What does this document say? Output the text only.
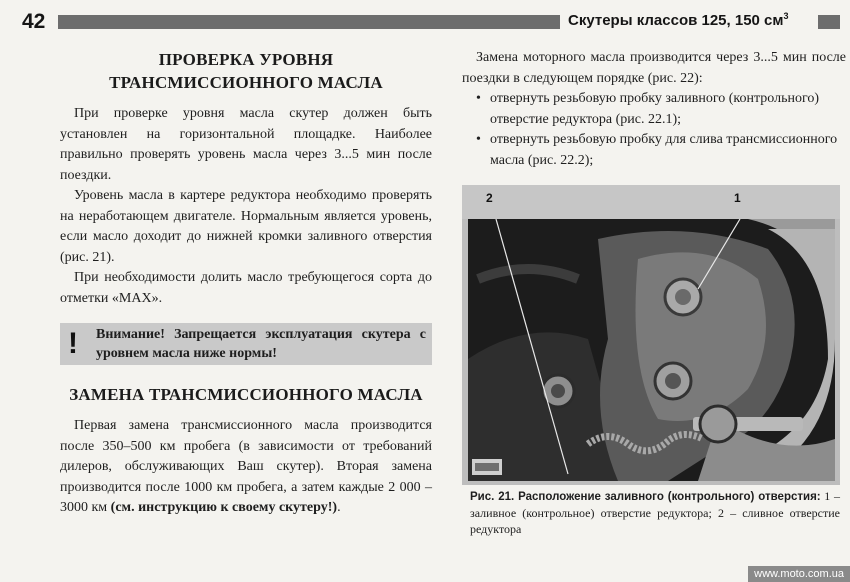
42	Скутеры классов 125, 150 $см^3$
ПРОВЕРКА УРОВНЯ ТРАНСМИССИОННОГО МАСЛА

При проверке уровня масла скутер должен быть установлен на горизонтальной площадке. Наиболее правильно проверять уровень масла через 3...5 мин после поездки.

Уровень масла в картере редуктора необходимо проверять на неработающем двигателе. Нормальным является уровень, если масло доходит до нижней кромки заливного отверстия (рис. 21).

При необходимости долить масло требующегося сорта до отметки «МАХ».

! Внимание! Запрещается эксплуатация скутера с уровнем масла ниже нормы!
ЗАМЕНА ТРАНСМИССИОННОГО МАСЛА

Первая замена трансмиссионного масла производится после 350–500 км пробега (в зависимости от требований дилеров, обслуживающих Ваш скутер). Вторая замена производится после 1000 км пробега, а затем каждые 2 000 – 3000 км (см. инструкцию к своему скутеру!).

Замена моторного масла производится через 3...5 мин после поездки в следующем порядке (рис. 22):

• отвернуть резьбовую пробку заливного (контрольного) отверстие редуктора (рис. 22.1);
• отвернуть резьбовую пробку для слива трансмиссионного масла (рис. 22.2);
2	1
Рис. 21. Расположение заливного (контрольного) отверстия: 1 – заливное (контрольное) отверстие редуктора; 2 – сливное отверстие редуктора
www.moto.com.ua
